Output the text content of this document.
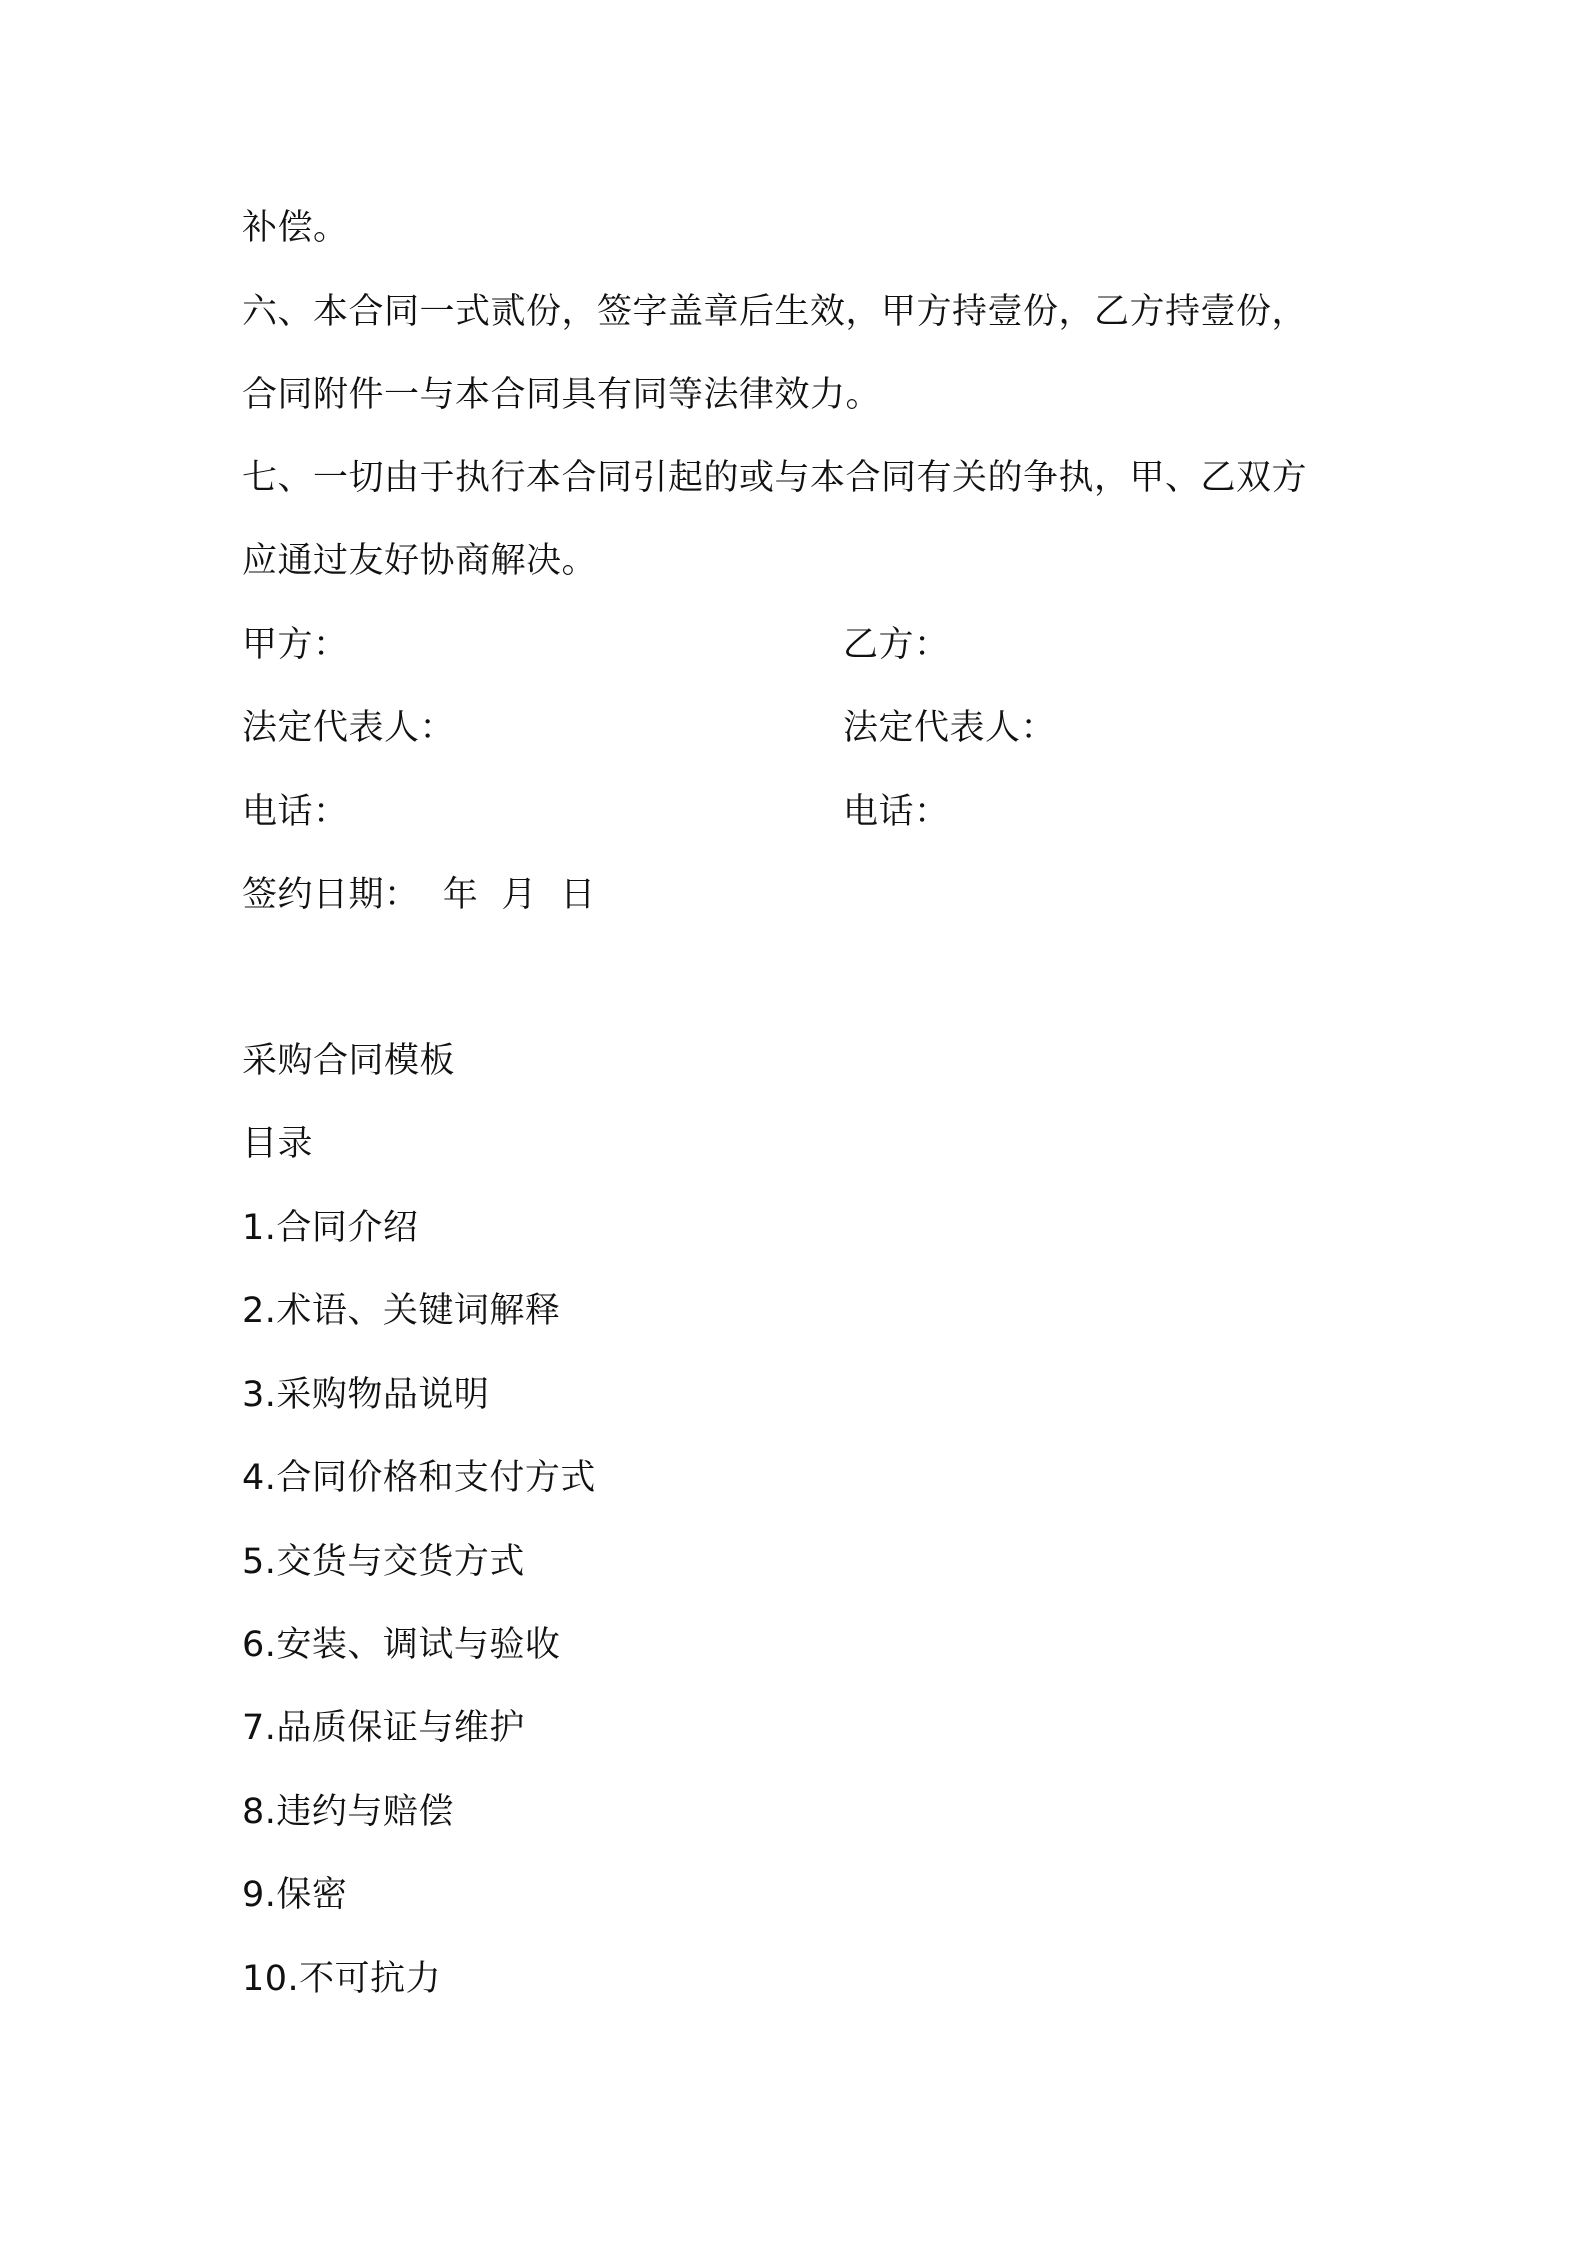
补偿。
六、本合同一式贰份，签字盖章后生效，甲方持壹份，乙方持壹份，
合同附件一与本合同具有同等法律效力。
七、一切由于执行本合同引起的或与本合同有关的争执，甲、乙双方
应通过友好协商解决。
甲方：	乙方：
法定代表人：	法定代表人：
电话：	电话：
签约日期：  年  月  日
采购合同模板
目录
1.合同介绍
2.术语、关键词解释
3.采购物品说明
4.合同价格和支付方式
5.交货与交货方式
6.安装、调试与验收
7.品质保证与维护
8.违约与赔偿
9.保密
10.不可抗力
